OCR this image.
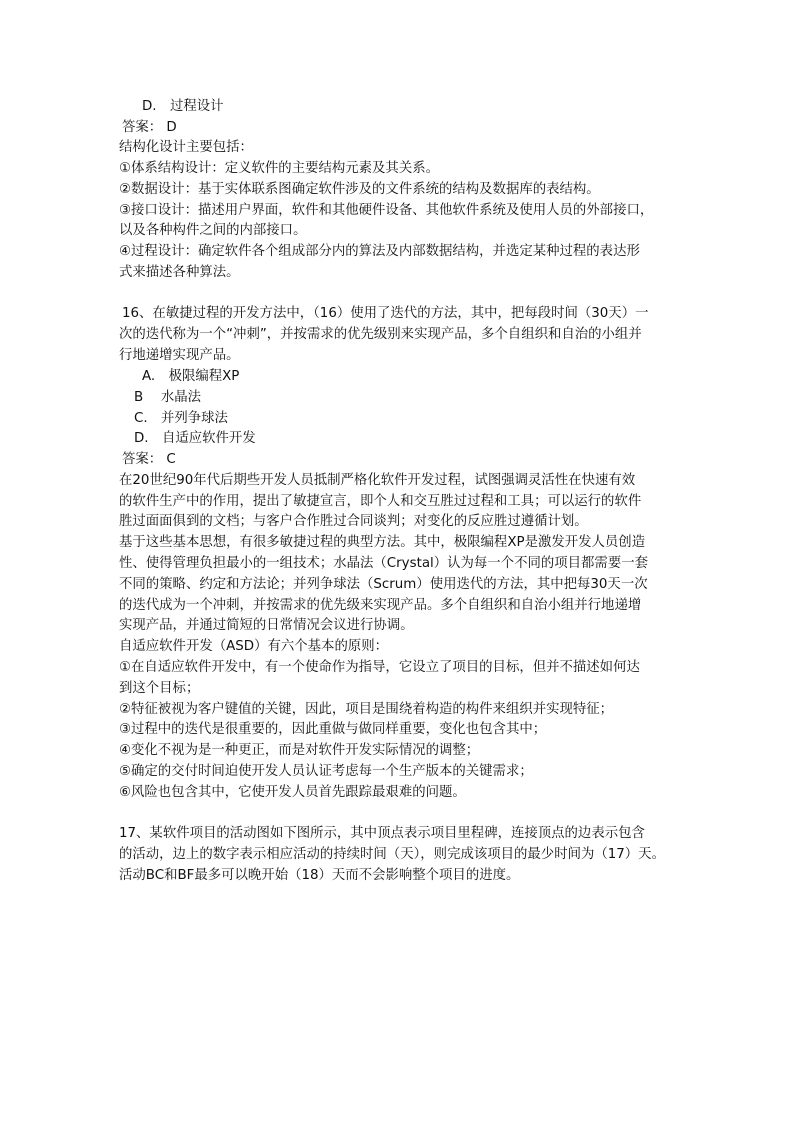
D.　过程设计
答案： D
结构化设计主要包括：
①体系结构设计：定义软件的主要结构元素及其关系。
②数据设计：基于实体联系图确定软件涉及的文件系统的结构及数据库的表结构。
③接口设计：描述用户界面，软件和其他硬件设备、其他软件系统及使用人员的外部接口，
以及各种构件之间的内部接口。
④过程设计：确定软件各个组成部分内的算法及内部数据结构，并选定某种过程的表达形
式来描述各种算法。
16、在敏捷过程的开发方法中，（16）使用了迭代的方法，其中，把每段时间（30天）一
次的迭代称为一个“冲刺”，并按需求的优先级别来实现产品，多个自组织和自治的小组并
行地递增实现产品。
A.　极限编程XP
B　 水晶法
C.　并列争球法
D.　自适应软件开发
答案： C
在20世纪90年代后期些开发人员抵制严格化软件开发过程，试图强调灵活性在快速有效
的软件生产中的作用，提出了敏捷宣言，即个人和交互胜过过程和工具；可以运行的软件
胜过面面俱到的文档；与客户合作胜过合同谈判；对变化的反应胜过遵循计划。
基于这些基本思想，有很多敏捷过程的典型方法。其中，极限编程XP是激发开发人员创造
性、使得管理负担最小的一组技术；水晶法（Crystal）认为每一个不同的项目都需要一套
不同的策略、约定和方法论；并列争球法（Scrum）使用迭代的方法，其中把每30天一次
的迭代成为一个冲刺，并按需求的优先级来实现产品。多个自组织和自治小组并行地递增
实现产品，并通过简短的日常情况会议进行协调。
自适应软件开发（ASD）有六个基本的原则：
①在自适应软件开发中，有一个使命作为指导，它设立了项目的目标，但并不描述如何达
到这个目标；
②特征被视为客户键值的关键，因此，项目是围绕着构造的构件来组织并实现特征；
③过程中的迭代是很重要的，因此重做与做同样重要，变化也包含其中；
④变化不视为是一种更正，而是对软件开发实际情况的调整；
⑤确定的交付时间迫使开发人员认证考虑每一个生产版本的关键需求；
⑥风险也包含其中，它使开发人员首先跟踪最艰难的问题。
17、某软件项目的活动图如下图所示，其中顶点表示项目里程碑，连接顶点的边表示包含
的活动，边上的数字表示相应活动的持续时间（天），则完成该项目的最少时间为（17）天。
活动BC和BF最多可以晚开始（18）天而不会影响整个项目的进度。
